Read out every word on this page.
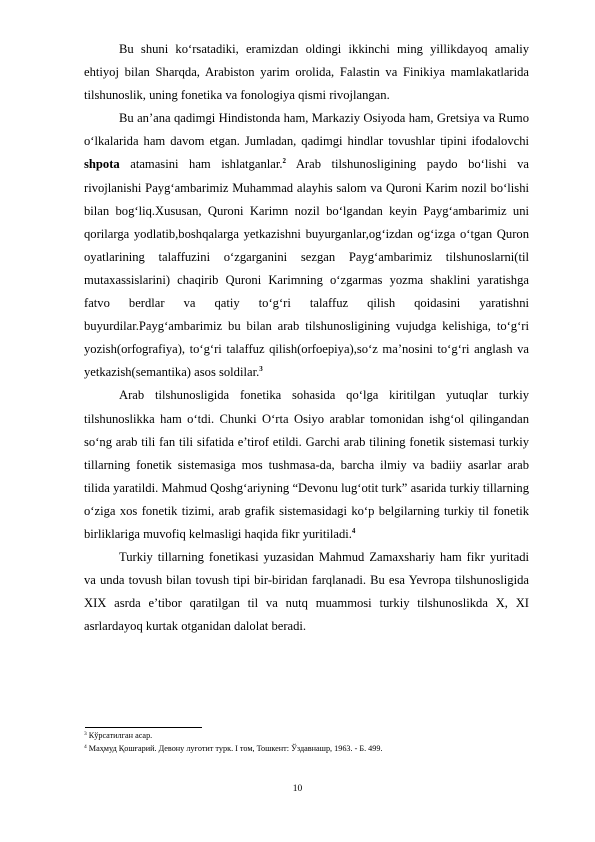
Bu shuni ko‘rsatadiki, eramizdan oldingi ikkinchi ming yillikdayoq amaliy ehtiyoj bilan Sharqda, Arabiston yarim orolida, Falastin va Finikiya mamlakatlarida tilshunoslik, uning fonetika va fonologiya qismi rivojlangan.

Bu an’ana qadimgi Hindistonda ham, Markaziy Osiyoda ham, Gretsiya va Rumo o‘lkalarida ham davom etgan. Jumladan, qadimgi hindlar tovushlar tipini ifodalovchi shpota atamasini ham ishlatganlar.$^2$ Arab tilshunosligining paydo bo‘lishi va rivojlanishi Payg‘ambarimiz Muhammad alayhis salom va Quroni Karim nozil bo‘lishi bilan bog‘liq.Xususan, Quroni Karimn nozil bo‘lgandan keyin Payg‘ambarimiz uni qorilarga yodlatib,boshqalarga yetkazishni buyurganlar,og‘izdan og‘izga o‘tgan Quron oyatlarining talaffuzini o‘zgarganini sezgan Payg‘ambarimiz tilshunoslarni(til mutaxassislarini) chaqirib Quroni Karimning o‘zgarmas yozma shaklini yaratishga fatvo berdlar va qatiy to‘g‘ri talaffuz qilish qoidasini yaratishni buyurdilar.Payg‘ambarimiz bu bilan arab tilshunosligining vujudga kelishiga, to‘g‘ri yozish(orfografiya), to‘g‘ri talaffuz qilish(orfoepiya),so‘z ma’nosini to‘g‘ri anglash va yetkazish(semantika) asos soldilar.$^3$

Arab tilshunosligida fonetika sohasida qo‘lga kiritilgan yutuqlar turkiy tilshunoslikka ham o‘tdi. Chunki O‘rta Osiyo arablar tomonidan ishg‘ol qilingandan so‘ng arab tili fan tili sifatida e’tirof etildi. Garchi arab tilining fonetik sistemasi turkiy tillarning fonetik sistemasiga mos tushmasa-da, barcha ilmiy va badiiy asarlar arab tilida yaratildi. Mahmud Qoshg‘ariyning “Devonu lug‘otit turk” asarida turkiy tillarning o‘ziga xos fonetik tizimi, arab grafik sistemasidagi ko‘p belgilarning turkiy til fonetik birliklariga muvofiq kelmasligi haqida fikr yuritiladi.$^4$

Turkiy tillarning fonetikasi yuzasidan Mahmud Zamaxshariy ham fikr yuritadi va unda tovush bilan tovush tipi bir-biridan farqlanadi. Bu esa Yevropa tilshunosligida XIX asrda e’tibor qaratilgan til va nutq muammosi turkiy tilshunoslikda X, XI asrlardayoq kurtak otganidan dalolat beradi.

$^3$ Кўрсатилган асар.
$^4$ Маҳмуд Қошғарий. Девону луғотит турк. I том, Тошкент: Ўздавнашр, 1963. - Б. 499.
10
